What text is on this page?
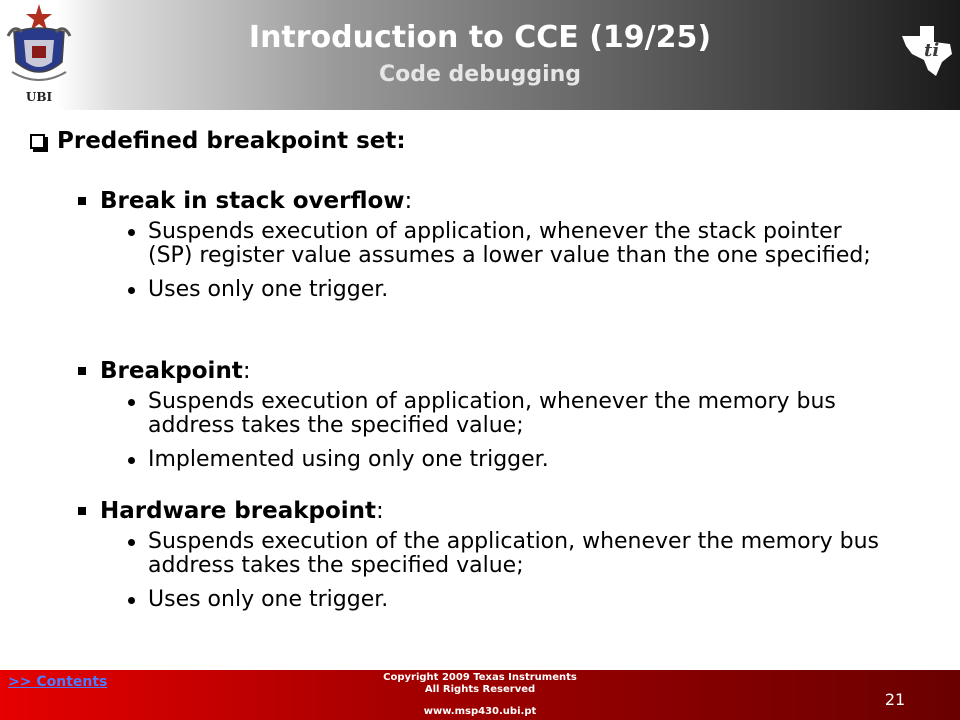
UBI
Introduction to CCE (19/25)
Code debugging
ti
Predefined breakpoint set:
Break in stack overflow:
Suspends execution of application, whenever the stack pointer (SP) register value assumes a lower value than the one specified;
Uses only one trigger.
Breakpoint:
Suspends execution of application, whenever the memory bus address takes the specified value;
Implemented using only one trigger.
Hardware breakpoint:
Suspends execution of the application, whenever the memory bus address takes the specified value;
Uses only one trigger.
>> Contents	Copyright 2009 Texas Instruments
All Rights Reserved
www.msp430.ubi.pt
21
